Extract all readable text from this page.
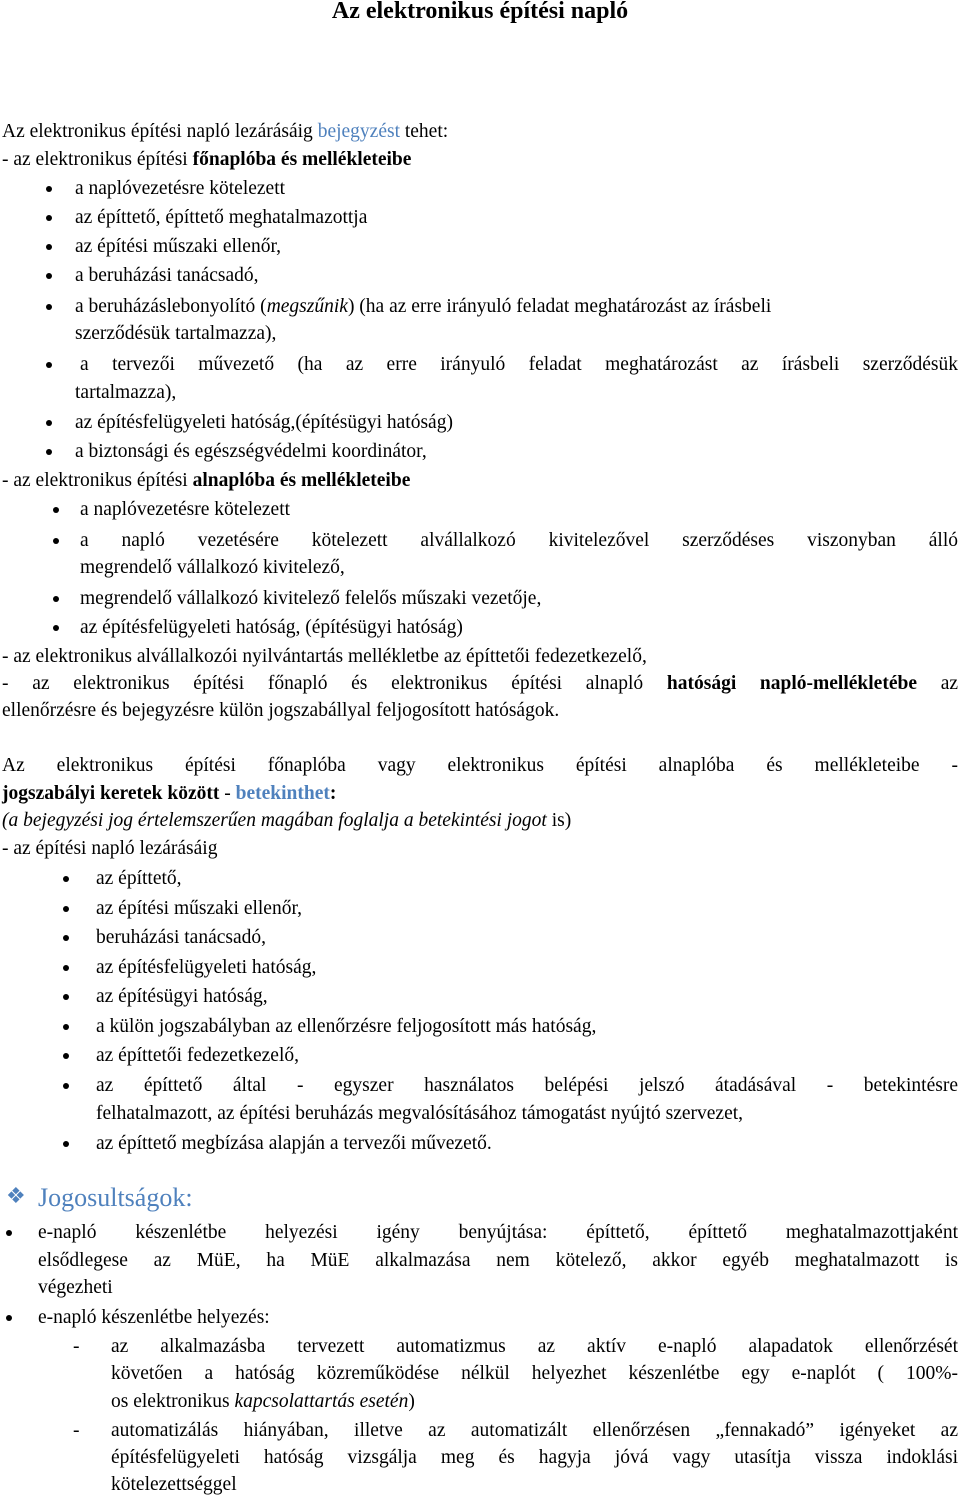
Az elektronikus építési napló
Az elektronikus építési napló lezárásáig bejegyzést tehet:
- az elektronikus építési főnaplóba és mellékleteibe
a naplóvezetésre kötelezett
az építtető, építtető meghatalmazottja
az építési műszaki ellenőr,
a beruházási tanácsadó,
a beruházáslebonyolító (megszűnik) (ha az erre irányuló feladat meghatározást az írásbeli
szerződésük tartalmazza),
a tervezői művezető (ha az erre irányuló feladat meghatározást az írásbeli szerződésük
tartalmazza),
az építésfelügyeleti hatóság,(építésügyi hatóság)
a biztonsági és egészségvédelmi koordinátor,
- az elektronikus építési alnaplóba és mellékleteibe
a naplóvezetésre kötelezett
a napló vezetésére kötelezett alvállalkozó kivitelezővel szerződéses viszonyban álló
megrendelő vállalkozó kivitelező,
megrendelő vállalkozó kivitelező felelős műszaki vezetője,
az építésfelügyeleti hatóság, (építésügyi hatóság)
- az elektronikus alvállalkozói nyilvántartás mellékletbe az építtetői fedezetkezelő,
- az elektronikus építési főnapló és elektronikus építési alnapló hatósági napló-mellékletébe az
ellenőrzésre és bejegyzésre külön jogszabállyal feljogosított hatóságok.
Az elektronikus építési főnaplóba vagy elektronikus építési alnaplóba és mellékleteibe -
jogszabályi keretek között - betekinthet:
(a bejegyzési jog értelemszerűen magában foglalja a betekintési jogot is)
- az építési napló lezárásáig
az építtető,
az építési műszaki ellenőr,
beruházási tanácsadó,
az építésfelügyeleti hatóság,
az építésügyi hatóság,
a külön jogszabályban az ellenőrzésre feljogosított más hatóság,
az építtetői fedezetkezelő,
az építtető által - egyszer használatos belépési jelszó átadásával - betekintésre
felhatalmazott, az építési beruházás megvalósításához támogatást nyújtó szervezet,
az építtető megbízása alapján a tervezői művezető.
❖ Jogosultságok:
e-napló készenlétbe helyezési igény benyújtása: építtető, építtető meghatalmazottjaként
elsődlegese az MüE, ha MüE alkalmazása nem kötelező, akkor egyéb meghatalmazott is
végezheti
e-napló készenlétbe helyezés:
- az alkalmazásba tervezett automatizmus az aktív e-napló alapadatok ellenőrzését
követően a hatóság közreműködése nélkül helyezhet készenlétbe egy e-naplót ( 100%-
os elektronikus kapcsolattartás esetén)
- automatizálás hiányában, illetve az automatizált ellenőrzésen „fennakadó” igényeket az
építésfelügyeleti hatóság vizsgálja meg és hagyja jóvá vagy utasítja vissza indoklási
kötelezettséggel
